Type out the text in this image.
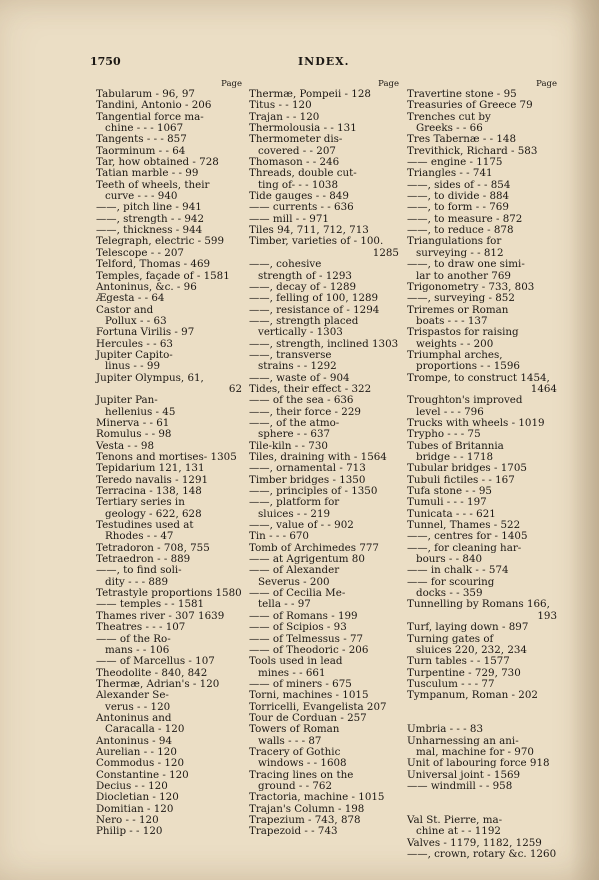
1750	INDEX.
Page
Tabularum - 96, 97
Tandini, Antonio - 206
Tangential force ma-
chine - - - 1067
Tangents - - - 857
Taorminum - - 64
Tar, how obtained - 728
Tatian marble - - 99
Teeth of wheels, their
curve - - - 940
——, pitch line - 941
——, strength - - 942
——, thickness - 944
Telegraph, electric - 599
Telescope - - 207
Telford, Thomas - 469
Temples, façade of - 1581
Antoninus, &c. - 96
Ægesta - - 64
Castor and
Pollux - - 63
Fortuna Virilis - 97
Hercules - - 63
Jupiter Capito-
linus - - 99
Jupiter Olympus, 61,
62
Jupiter Pan-
hellenius - 45
Minerva - - 61
Romulus - - 98
Vesta - - 98
Tenons and mortises- 1305
Tepidarium 121, 131
Teredo navalis - 1291
Terracina - 138, 148
Tertiary series in
geology - 622, 628
Testudines used at
Rhodes - - 47
Tetradoron - 708, 755
Tetraedron - - 889
——, to find soli-
dity - - - 889
Tetrastyle proportions 1580
—— temples - - 1581
Thames river - 307 1639
Theatres - - - 107
—— of the Ro-
mans - - 106
—— of Marcellus - 107
Theodolite - 840, 842
Thermæ, Adrian's - 120
Alexander Se-
verus - - 120
Antoninus and
Caracalla - 120
Antoninus - 94
Aurelian - - 120
Commodus - 120
Constantine - 120
Decius - - 120
Diocletian - 120
Domitian - 120
Nero - - 120
Philip - - 120
Page
Thermæ, Pompeii - 128
Titus - - 120
Trajan - - 120
Thermolousia - - 131
Thermometer dis-
covered - - 207
Thomason - - 246
Threads, double cut-
ting of- - - 1038
Tide gauges - - 849
—— currents - - 636
—— mill - - 971
Tiles 94, 711, 712, 713
Timber, varieties of - 100.
1285
——, cohesive
strength of - 1293
——, decay of - 1289
——, felling of 100, 1289
——, resistance of - 1294
——, strength placed
vertically - 1303
——, strength, inclined 1303
——, transverse
strains - - 1292
——, waste of - 904
Tides, their effect - 322
—— of the sea - 636
——, their force - 229
——, of the atmo-
sphere - - 637
Tile-kiln - - 730
Tiles, draining with - 1564
——, ornamental - 713
Timber bridges - 1350
——, principles of - 1350
——, platform for
sluices - - 219
——, value of - - 902
Tin - - - 670
Tomb of Archimedes 777
—— at Agrigentum 80
—— of Alexander
Severus - 200
—— of Cecilia Me-
tella - - 97
—— of Romans - 199
—— of Scipios - 93
—— of Telmessus - 77
—— of Theodoric - 206
Tools used in lead
mines - - 661
—— of miners - 675
Torni, machines - 1015
Torricelli, Evangelista 207
Tour de Corduan - 257
Towers of Roman
walls - - - 87
Tracery of Gothic
windows - - 1608
Tracing lines on the
ground - - 762
Tractoria, machine - 1015
Trajan's Column - 198
Trapezium - 743, 878
Trapezoid - - 743
Page
Travertine stone - 95
Treasuries of Greece 79
Trenches cut by
Greeks - - 66
Tres Tabernæ - - 148
Trevithick, Richard - 583
—— engine - 1175
Triangles - - 741
——, sides of - - 854
——, to divide - 884
——, to form - - 769
——, to measure - 872
——, to reduce - 878
Triangulations for
surveying - - 812
——, to draw one simi-
lar to another 769
Trigonometry - 733, 803
——, surveying - 852
Triremes or Roman
boats - - - 137
Trispastos for raising
weights - - 200
Triumphal arches,
proportions - - 1596
Trompe, to construct 1454,
1464
Troughton's improved
level - - - 796
Trucks with wheels - 1019
Trypho - - - 75
Tubes of Britannia
bridge - - 1718
Tubular bridges - 1705
Tubuli fictiles - - 167
Tufa stone - - 95
Tumuli - - - 197
Tunicata - - - 621
Tunnel, Thames - 522
——, centres for - 1405
——, for cleaning har-
bours - - 840
—— in chalk - - 574
—— for scouring
docks - - 359
Tunnelling by Romans 166,
193
Turf, laying down - 897
Turning gates of
sluices 220, 232, 234
Turn tables - - 1577
Turpentine - 729, 730
Tusculum - - - 77
Tympanum, Roman - 202

Umbria - - - 83
Unharnessing an ani-
mal, machine for - 970
Unit of labouring force 918
Universal joint - 1569
—— windmill - - 958

Val St. Pierre, ma-
chine at - - 1192
Valves - 1179, 1182, 1259
——, crown, rotary &c. 1260
